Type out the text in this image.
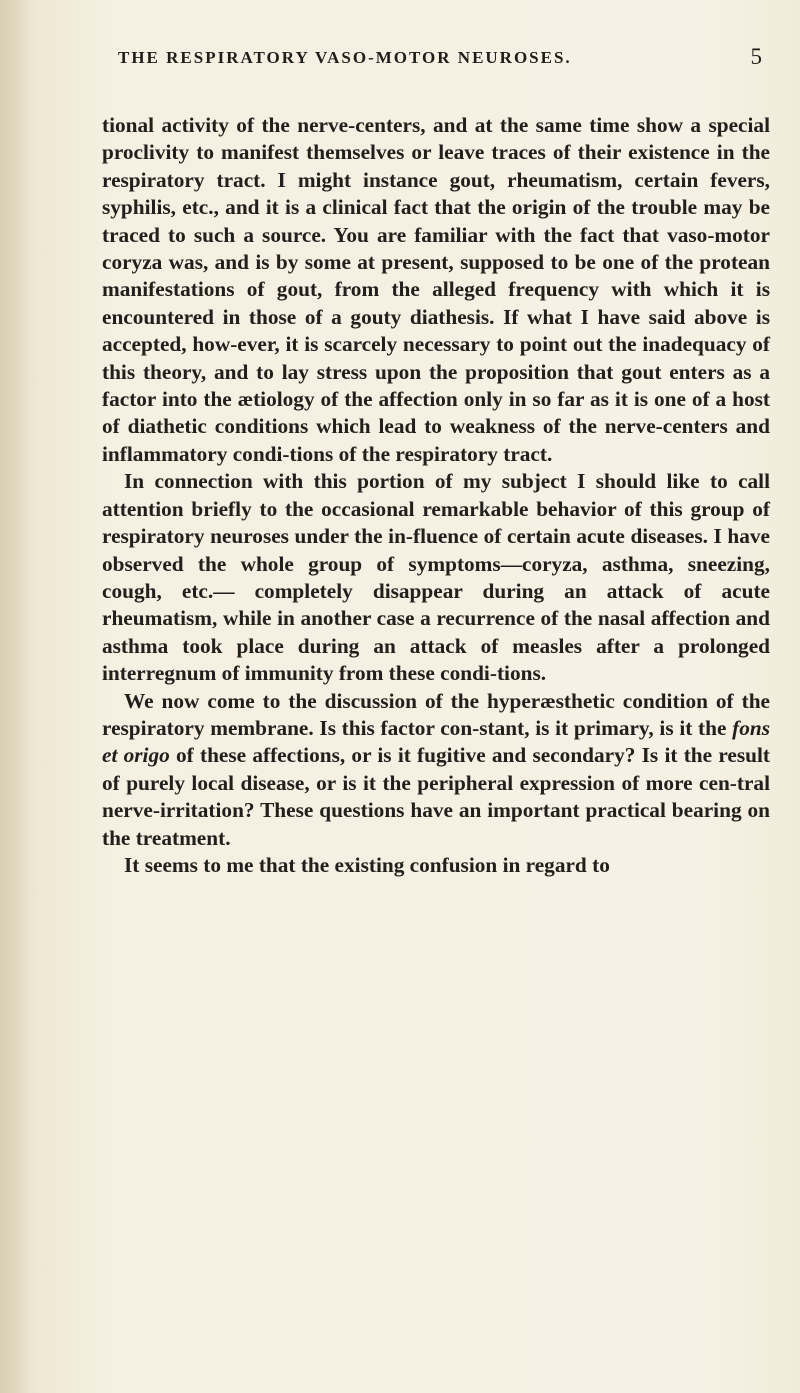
THE RESPIRATORY VASO-MOTOR NEUROSES.	5

tional activity of the nerve-centers, and at the same time show a special proclivity to manifest themselves or leave traces of their existence in the respiratory tract. I might instance gout, rheumatism, certain fevers, syphilis, etc., and it is a clinical fact that the origin of the trouble may be traced to such a source. You are familiar with the fact that vaso-motor coryza was, and is by some at present, supposed to be one of the protean manifestations of gout, from the alleged frequency with which it is encountered in those of a gouty diathesis. If what I have said above is accepted, how-ever, it is scarcely necessary to point out the inadequacy of this theory, and to lay stress upon the proposition that gout enters as a factor into the ætiology of the affection only in so far as it is one of a host of diathetic conditions which lead to weakness of the nerve-centers and inflammatory condi-tions of the respiratory tract.

In connection with this portion of my subject I should like to call attention briefly to the occasional remarkable behavior of this group of respiratory neuroses under the in-fluence of certain acute diseases. I have observed the whole group of symptoms—coryza, asthma, sneezing, cough, etc.— completely disappear during an attack of acute rheumatism, while in another case a recurrence of the nasal affection and asthma took place during an attack of measles after a prolonged interregnum of immunity from these condi-tions.

We now come to the discussion of the hyperæsthetic condition of the respiratory membrane. Is this factor con-stant, is it primary, is it the fons et origo of these affections, or is it fugitive and secondary? Is it the result of purely local disease, or is it the peripheral expression of more cen-tral nerve-irritation? These questions have an important practical bearing on the treatment.

It seems to me that the existing confusion in regard to
